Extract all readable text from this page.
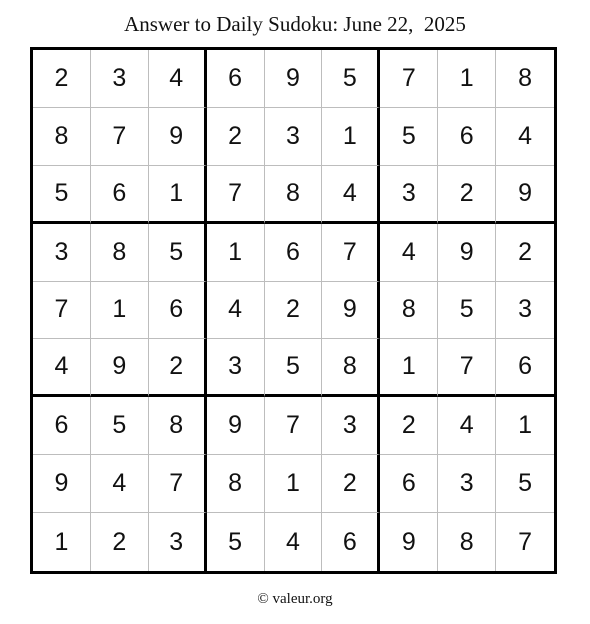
Answer to Daily Sudoku: June 22,  2025
2	3	4	6	9	5	7	1	8
8	7	9	2	3	1	5	6	4
5	6	1	7	8	4	3	2	9
3	8	5	1	6	7	4	9	2
7	1	6	4	2	9	8	5	3
4	9	2	3	5	8	1	7	6
6	5	8	9	7	3	2	4	1
9	4	7	8	1	2	6	3	5
1	2	3	5	4	6	9	8	7
© valeur.org
